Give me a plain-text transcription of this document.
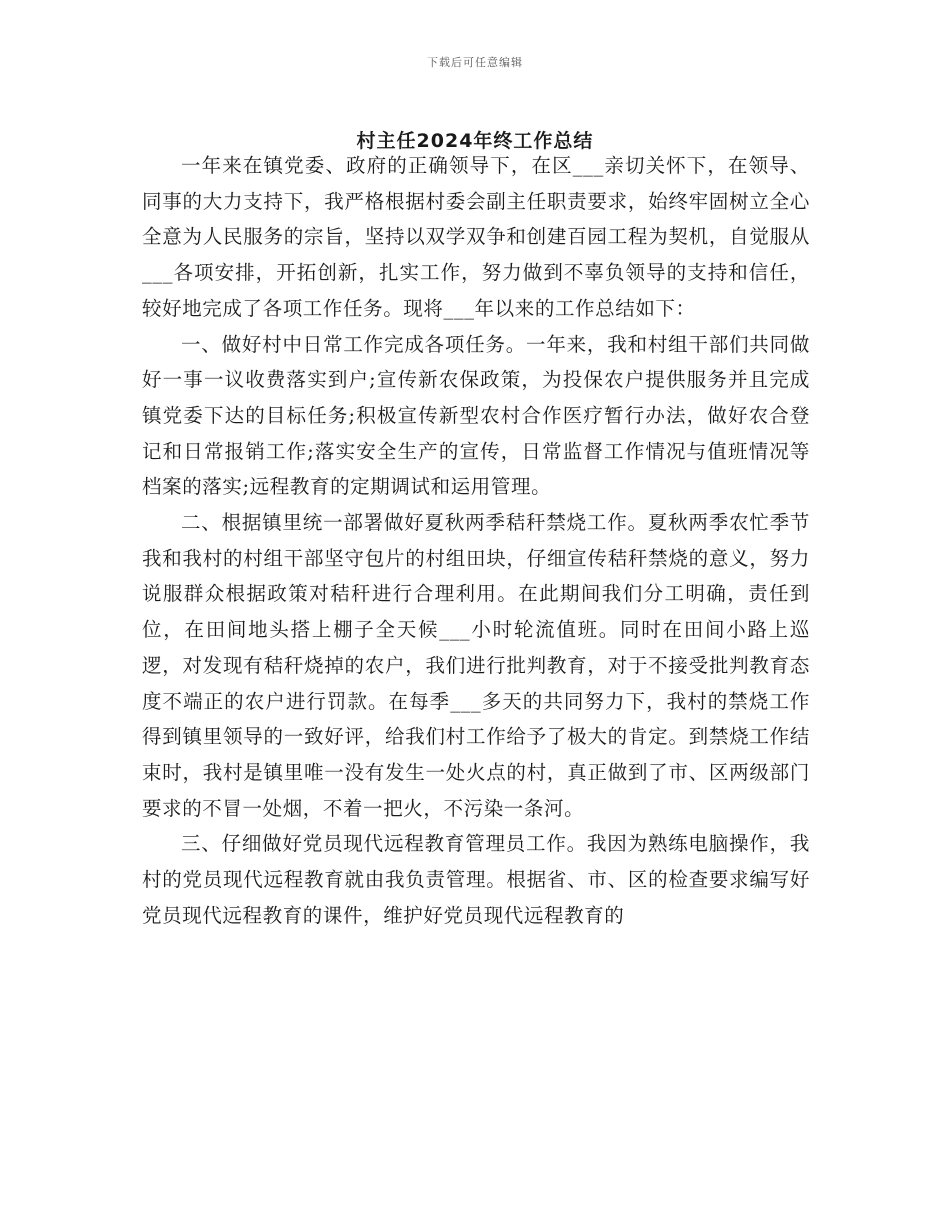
下载后可任意编辑
村主任2024年终工作总结

一年来在镇党委、政府的正确领导下，在区___亲切关怀下，在领导、同事的大力支持下，我严格根据村委会副主任职责要求，始终牢固树立全心全意为人民服务的宗旨，坚持以双学双争和创建百园工程为契机，自觉服从___各项安排，开拓创新，扎实工作，努力做到不辜负领导的支持和信任，较好地完成了各项工作任务。现将___年以来的工作总结如下：

一、做好村中日常工作完成各项任务。一年来，我和村组干部们共同做好一事一议收费落实到户;宣传新农保政策，为投保农户提供服务并且完成镇党委下达的目标任务;积极宣传新型农村合作医疗暂行办法，做好农合登记和日常报销工作;落实安全生产的宣传，日常监督工作情况与值班情况等档案的落实;远程教育的定期调试和运用管理。

二、根据镇里统一部署做好夏秋两季秸秆禁烧工作。夏秋两季农忙季节我和我村的村组干部坚守包片的村组田块，仔细宣传秸秆禁烧的意义，努力说服群众根据政策对秸秆进行合理利用。在此期间我们分工明确，责任到位，在田间地头搭上棚子全天候___小时轮流值班。同时在田间小路上巡逻，对发现有秸秆烧掉的农户，我们进行批判教育，对于不接受批判教育态度不端正的农户进行罚款。在每季___多天的共同努力下，我村的禁烧工作得到镇里领导的一致好评，给我们村工作给予了极大的肯定。到禁烧工作结束时，我村是镇里唯一没有发生一处火点的村，真正做到了市、区两级部门要求的不冒一处烟，不着一把火，不污染一条河。

三、仔细做好党员现代远程教育管理员工作。我因为熟练电脑操作，我村的党员现代远程教育就由我负责管理。根据省、市、区的检查要求编写好党员现代远程教育的课件，维护好党员现代远程教育的
